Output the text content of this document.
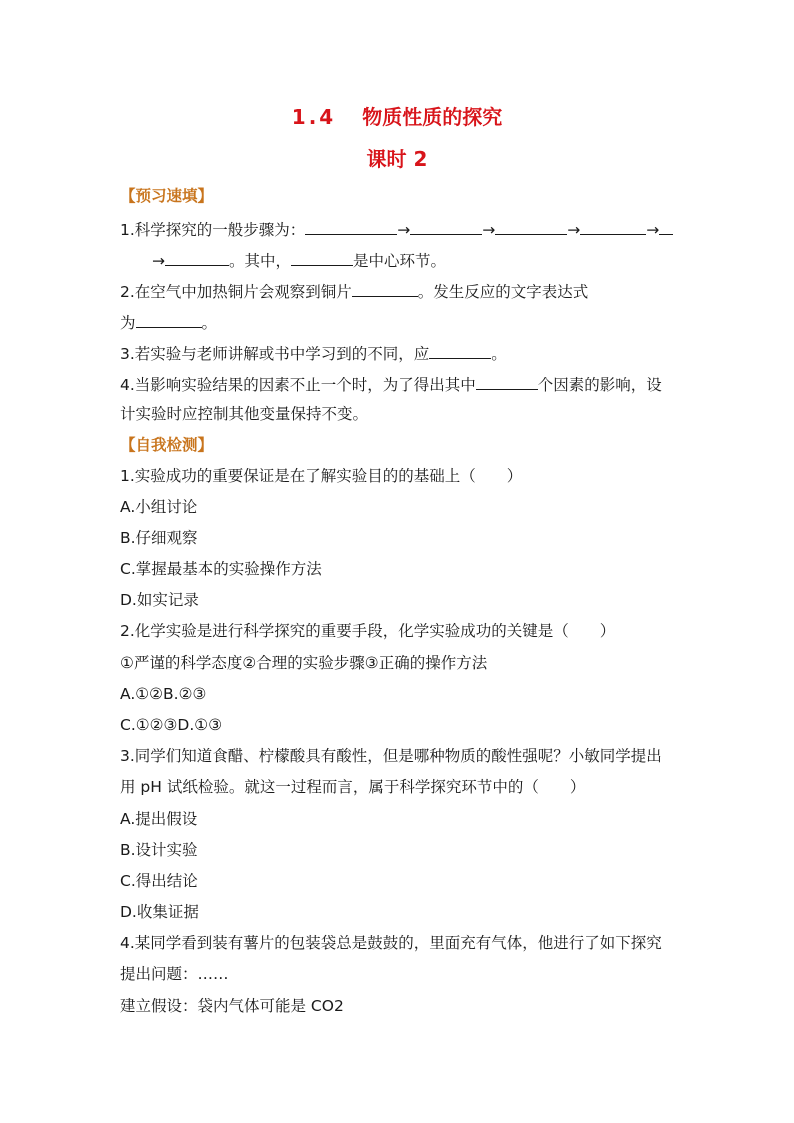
1.4 物质性质的探究
课时 2
【预习速填】
1.科学探究的一般步骤为：	→	→	→	→
→	。其中，	是中心环节。
2.在空气中加热铜片会观察到铜片	。发生反应的文字表达式
为	。
3.若实验与老师讲解或书中学习到的不同，应	。
4.当影响实验结果的因素不止一个时，为了得出其中	个因素的影响，设
计实验时应控制其他变量保持不变。
【自我检测】
1.实验成功的重要保证是在了解实验目的的基础上（　　）
A.小组讨论
B.仔细观察
C.掌握最基本的实验操作方法
D.如实记录
2.化学实验是进行科学探究的重要手段，化学实验成功的关键是（　　）
①严谨的科学态度②合理的实验步骤③正确的操作方法
A.①②B.②③
C.①②③D.①③
3.同学们知道食醋、柠檬酸具有酸性，但是哪种物质的酸性强呢？小敏同学提出
用 pH 试纸检验。就这一过程而言，属于科学探究环节中的（　　）
A.提出假设
B.设计实验
C.得出结论
D.收集证据
4.某同学看到装有薯片的包装袋总是鼓鼓的，里面充有气体，他进行了如下探究
提出问题：……
建立假设：袋内气体可能是 CO2
